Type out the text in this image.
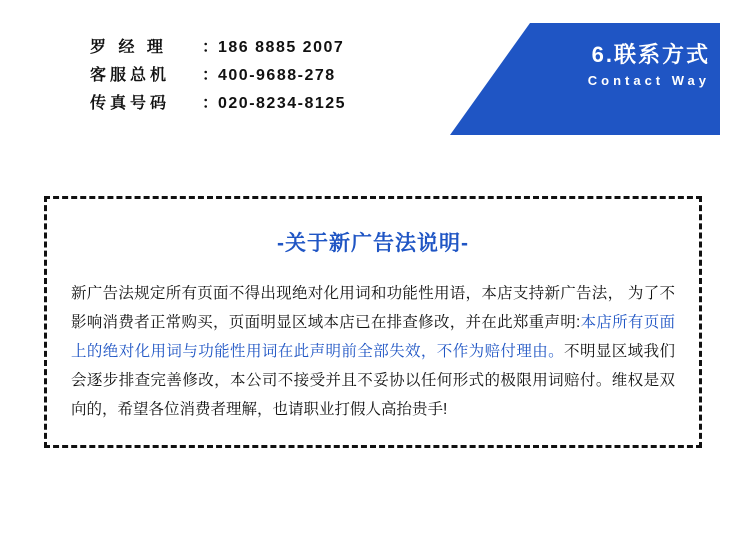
罗 经 理	： 186 8885 2007
客服总机	： 400-9688-278
传真号码	： 020-8234-8125
6.联系方式
Contact Way
-关于新广告法说明-
新广告法规定所有页面不得出现绝对化用词和功能性用语，本店支持新广告法， 为了不影响消费者正常购买，页面明显区域本店已在排查修改，并在此郑重声明:本店所有页面上的绝对化用词与功能性用词在此声明前全部失效，不作为赔付理由。不明显区域我们会逐步排查完善修改，本公司不接受并且不妥协以任何形式的极限用词赔付。维权是双向的，希望各位消费者理解，也请职业打假人高抬贵手!
